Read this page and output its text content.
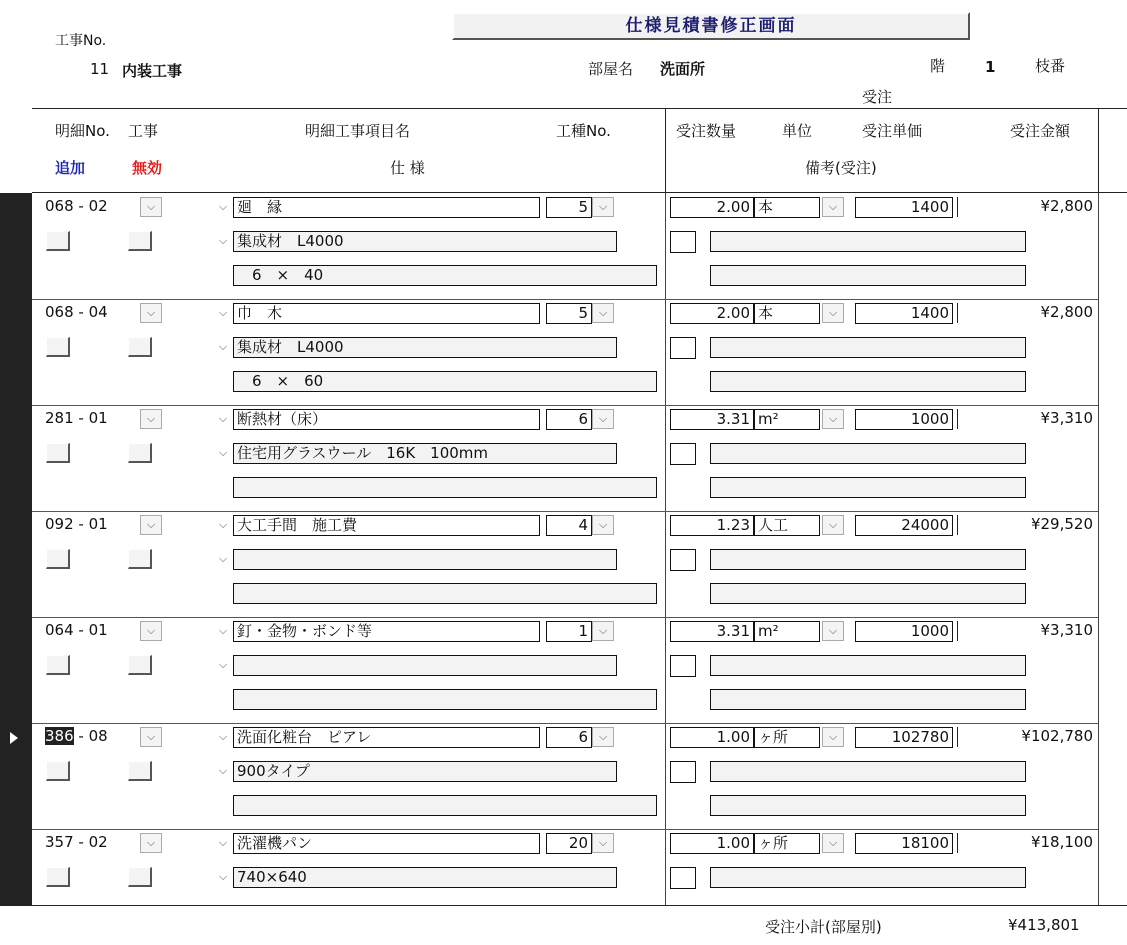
仕様見積書修正画面
工事No.
11 内装工事	部屋名 洗面所	階	1	枝番
受注
明細No. 工事	明細工事項目名	工種No.	受注数量	単位	受注単価	受注金額
追加	無効	仕 様	備考(受注)
068 - 02	⌵	⌵ 廻　縁	5 ⌵	2.00 本	⌵	1400	¥2,800
⌵ 集成材　L4000
　6　×　40
068 - 04	⌵	⌵ 巾　木	5 ⌵	2.00 本	⌵	1400	¥2,800
⌵ 集成材　L4000
　6　×　60
281 - 01	⌵	⌵ 断熱材（床）	6 ⌵	3.31 m²	⌵	1000	¥3,310
⌵ 住宅用グラスウール　16K　100mm
092 - 01	⌵	⌵ 大工手間　施工費	4 ⌵	1.23 人工	⌵	24000	¥29,520
⌵
064 - 01	⌵	⌵ 釘・金物・ボンド等	1 ⌵	3.31 m²	⌵	1000	¥3,310
⌵
386 - 08	⌵	⌵ 洗面化粧台　ピアレ	6 ⌵	1.00 ヶ所	⌵	102780	¥102,780
⌵ 900タイプ
357 - 02	⌵	⌵ 洗濯機パン	20 ⌵	1.00 ヶ所	⌵	18100	¥18,100
⌵ 740×640
受注小計(部屋別)	¥413,801
